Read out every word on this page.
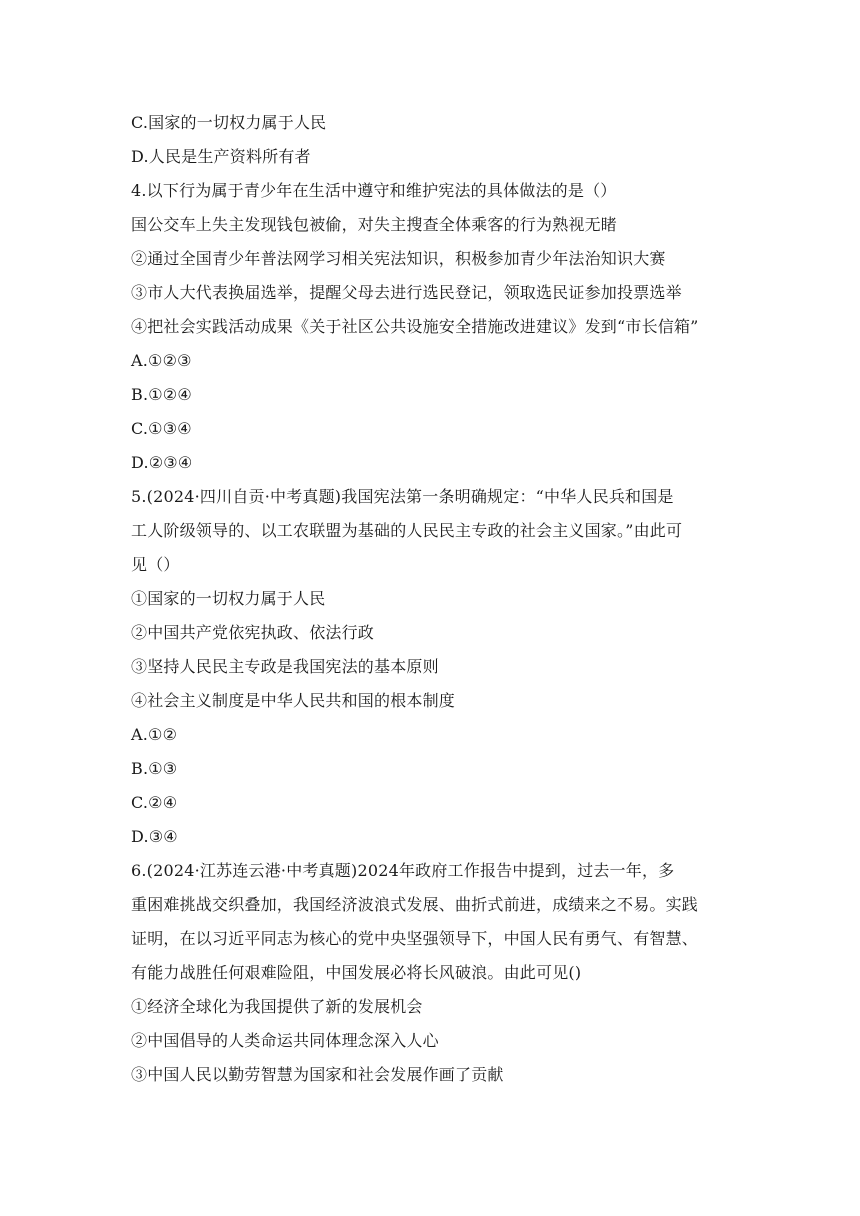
C.国家的一切权力属于人民
D.人民是生产资料所有者
4.以下行为属于青少年在生活中遵守和维护宪法的具体做法的是（）
国公交车上失主发现钱包被偷，对失主搜查全体乘客的行为熟视无睹
②通过全国青少年普法网学习相关宪法知识，积极参加青少年法治知识大赛
③市人大代表换届选举，提醒父母去进行选民登记，领取选民证参加投票选举
④把社会实践活动成果《关于社区公共设施安全措施改进建议》发到“市长信箱”
A.①②③
B.①②④
C.①③④
D.②③④
5.(2024·四川自贡·中考真题)我国宪法第一条明确规定：“中华人民兵和国是
工人阶级领导的、以工农联盟为基础的人民民主专政的社会主义国家。”由此可
见（）
①国家的一切权力属于人民
②中国共产党依宪执政、依法行政
③坚持人民民主专政是我国宪法的基本原则
④社会主义制度是中华人民共和国的根本制度
A.①②
B.①③
C.②④
D.③④
6.(2024·江苏连云港·中考真题)2024年政府工作报告中提到，过去一年，多
重困难挑战交织叠加，我国经济波浪式发展、曲折式前进，成绩来之不易。实践
证明，在以习近平同志为核心的党中央坚强领导下，中国人民有勇气、有智慧、
有能力战胜任何艰难险阻，中国发展必将长风破浪。由此可见()
①经济全球化为我国提供了新的发展机会
②中国倡导的人类命运共同体理念深入人心
③中国人民以勤劳智慧为国家和社会发展作画了贡献
